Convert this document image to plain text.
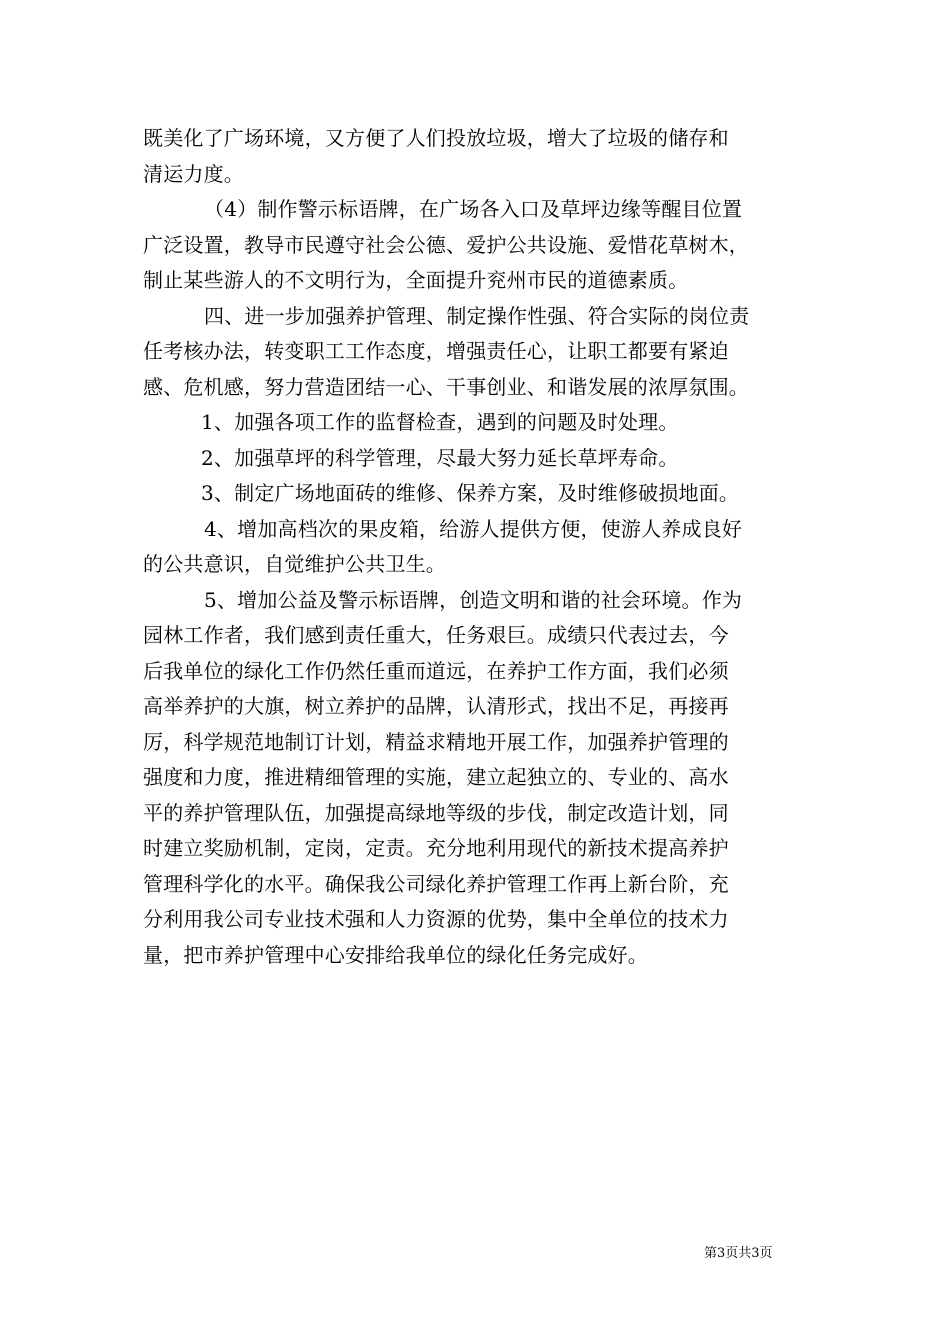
既美化了广场环境，又方便了人们投放垃圾，增大了垃圾的储存和
清运力度。
（4）制作警示标语牌，在广场各入口及草坪边缘等醒目位置
广泛设置，教导市民遵守社会公德、爱护公共设施、爱惜花草树木，
制止某些游人的不文明行为，全面提升兖州市民的道德素质。
四、进一步加强养护管理、制定操作性强、符合实际的岗位责
任考核办法，转变职工工作态度，增强责任心，让职工都要有紧迫
感、危机感，努力营造团结一心、干事创业、和谐发展的浓厚氛围。
1、加强各项工作的监督检查，遇到的问题及时处理。
2、加强草坪的科学管理，尽最大努力延长草坪寿命。
3、制定广场地面砖的维修、保养方案，及时维修破损地面。
4、增加高档次的果皮箱，给游人提供方便，使游人养成良好
的公共意识，自觉维护公共卫生。
5、增加公益及警示标语牌，创造文明和谐的社会环境。作为
园林工作者，我们感到责任重大，任务艰巨。成绩只代表过去，今
后我单位的绿化工作仍然任重而道远，在养护工作方面，我们必须
高举养护的大旗，树立养护的品牌，认清形式，找出不足，再接再
厉，科学规范地制订计划，精益求精地开展工作，加强养护管理的
强度和力度，推进精细管理的实施，建立起独立的、专业的、高水
平的养护管理队伍，加强提高绿地等级的步伐，制定改造计划，同
时建立奖励机制，定岗，定责。充分地利用现代的新技术提高养护
管理科学化的水平。确保我公司绿化养护管理工作再上新台阶，充
分利用我公司专业技术强和人力资源的优势，集中全单位的技术力
量，把市养护管理中心安排给我单位的绿化任务完成好。
第3页共3页
